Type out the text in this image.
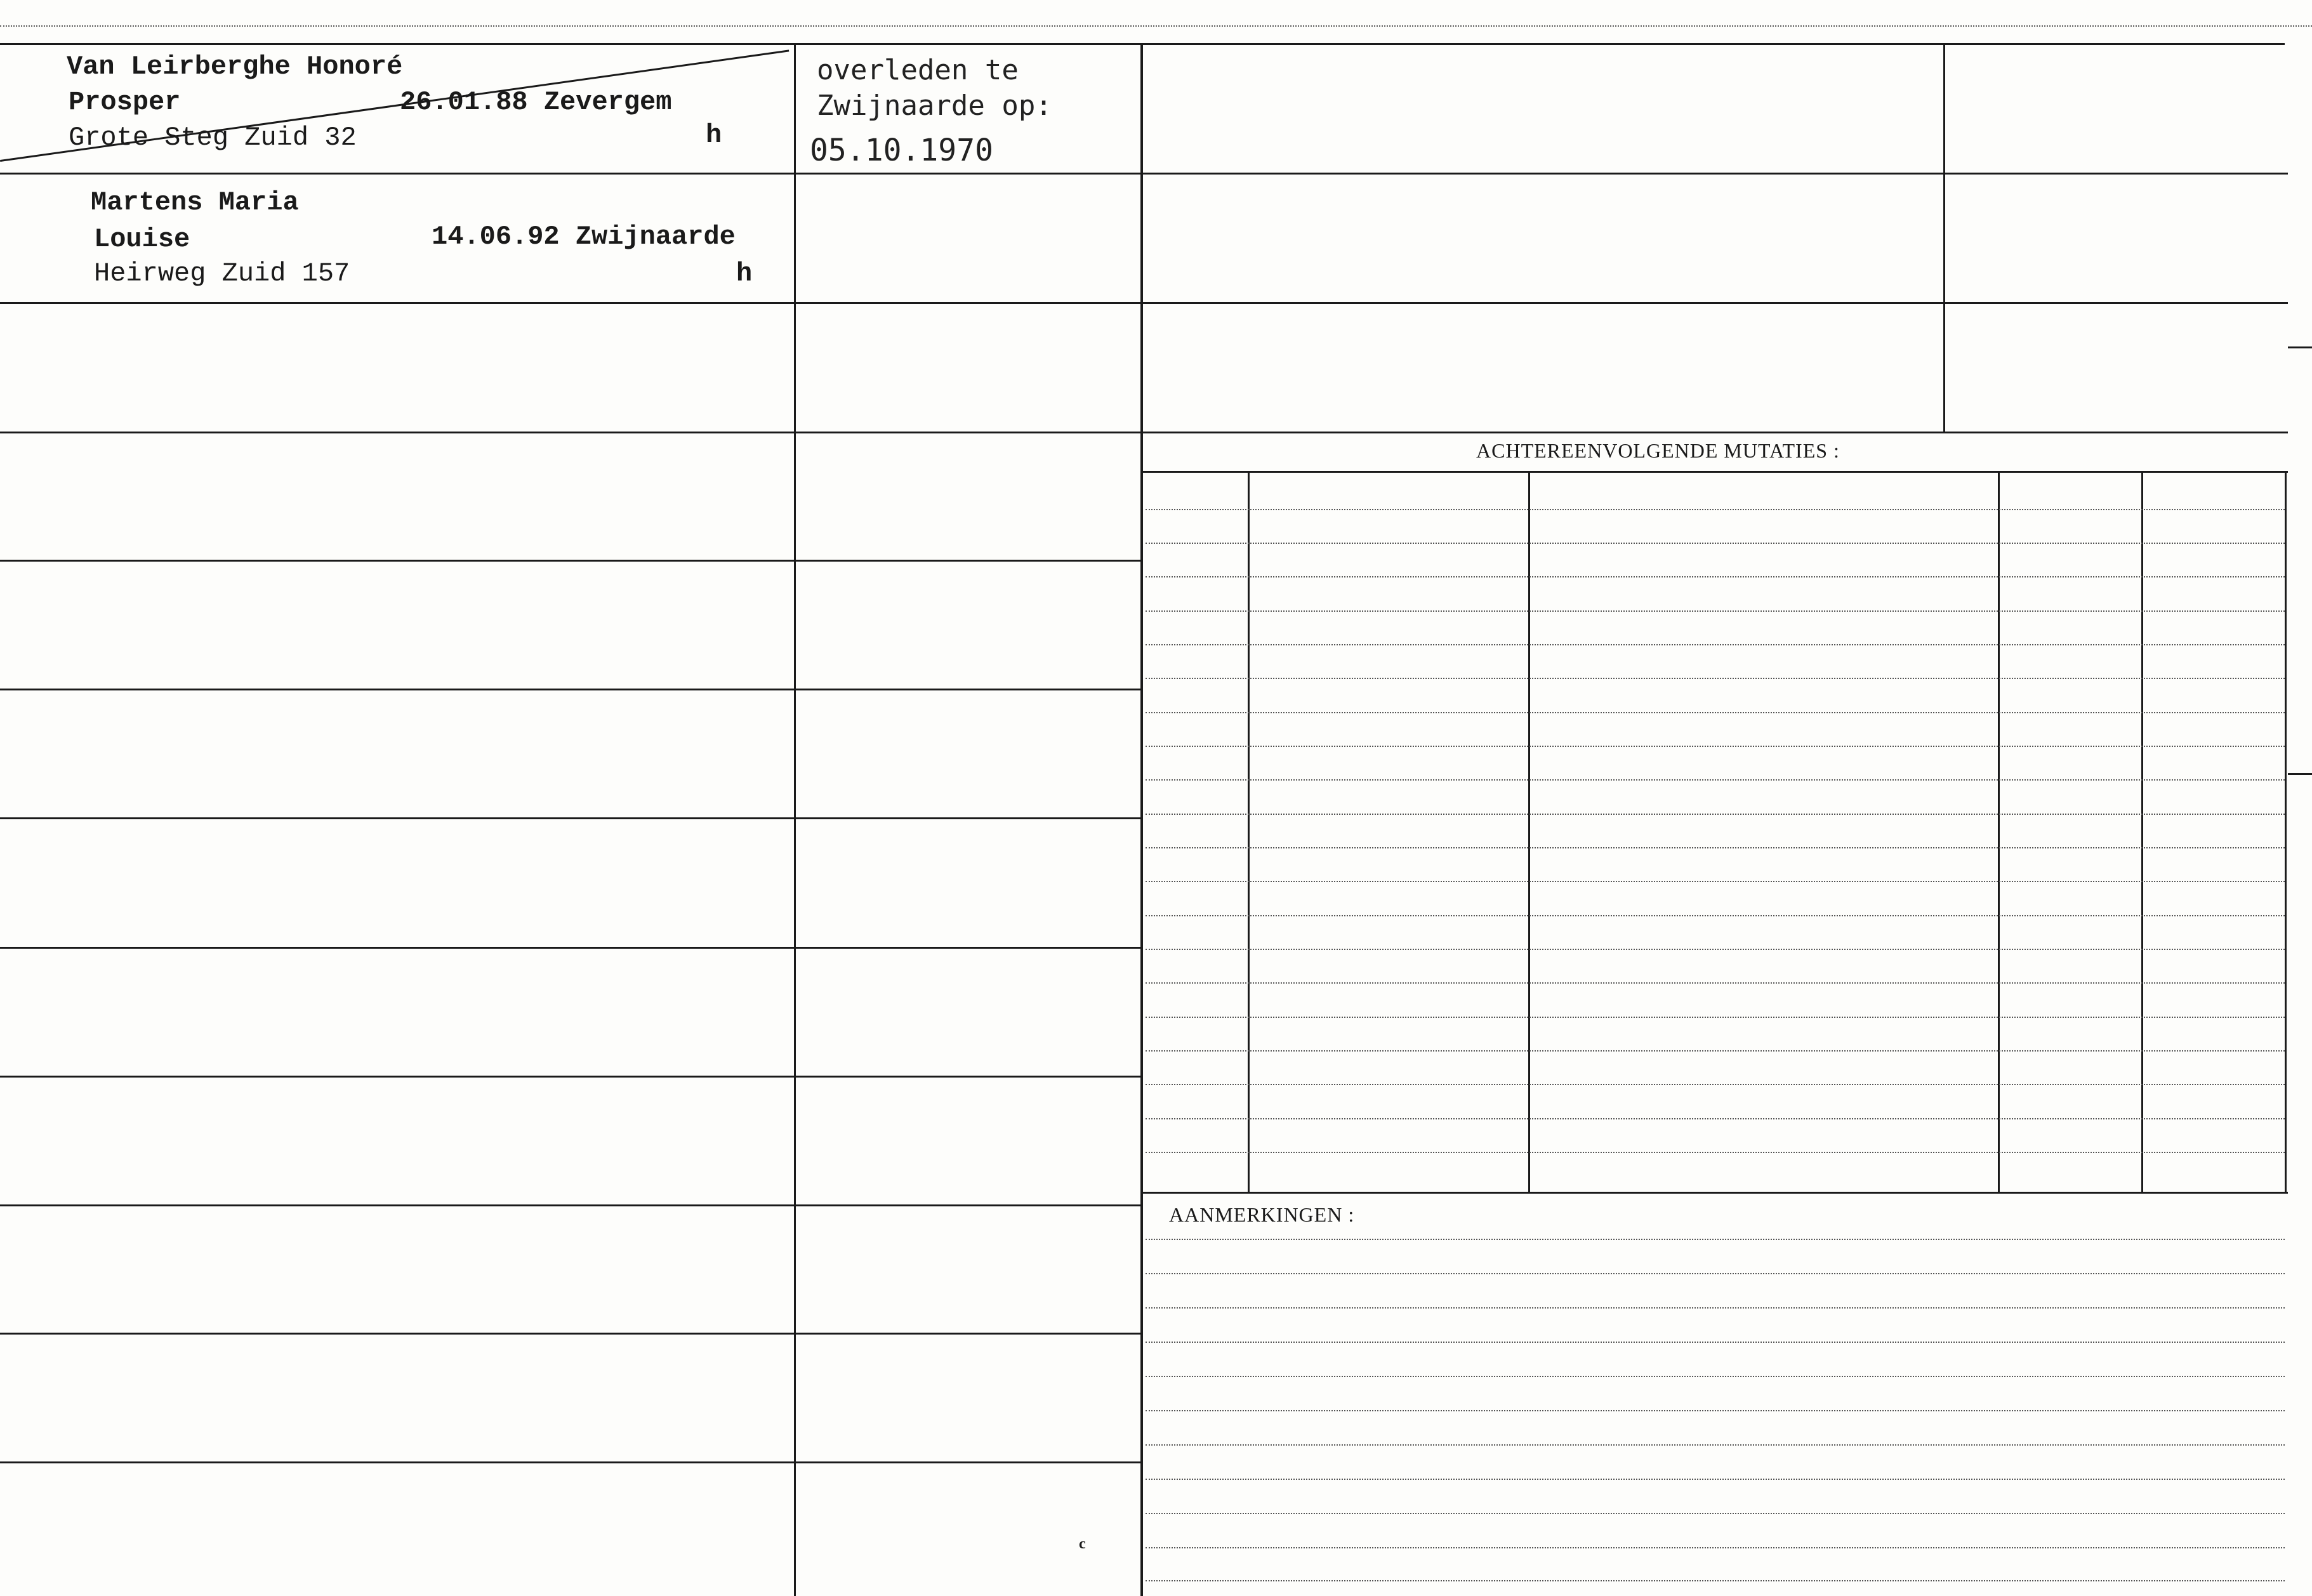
Van Leirberghe Honoré
Prosper	26.01.88 Zevergem
Grote Steg Zuid 32	h
Martens Maria
Louise	14.06.92 Zwijnaarde
Heirweg Zuid 157	h
overleden te
Zwijnaarde op:
05.10.1970
ACHTEREENVOLGENDE MUTATIES :
AANMERKINGEN :
c
